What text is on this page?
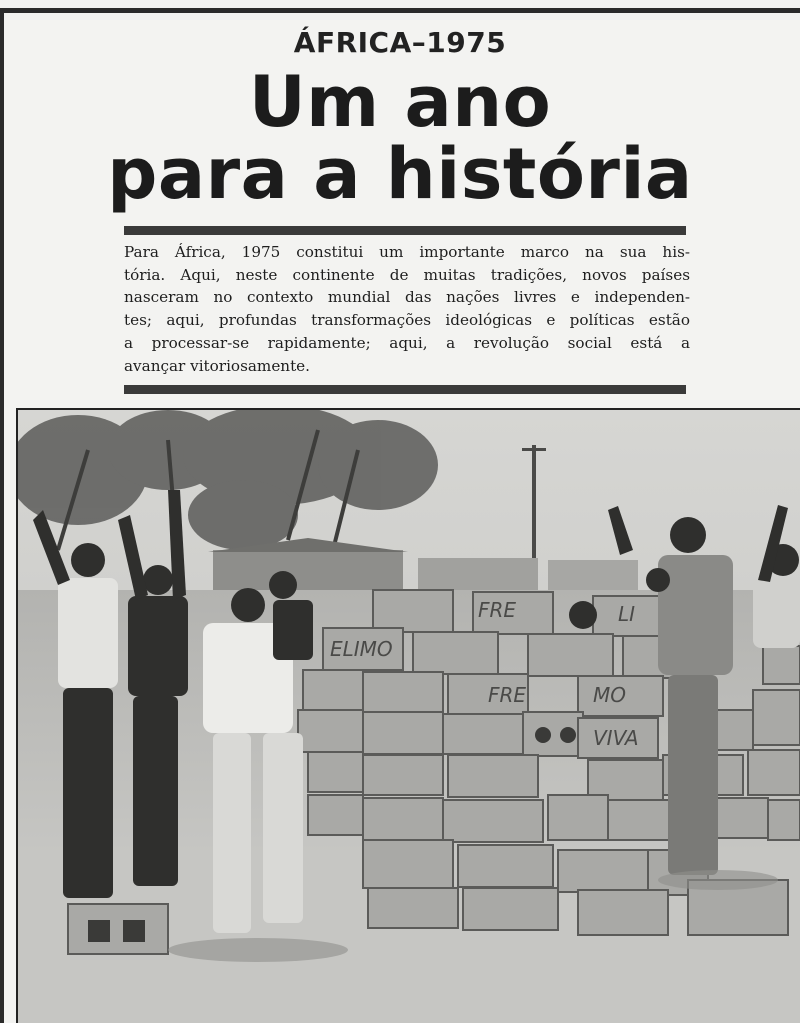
ÁFRICA–1975
Um ano
para a história

Para África, 1975 constitui um importante marco na sua his-
tória. Aqui, neste continente de muitas tradições, novos países
nasceram no contexto mundial das nações livres e independen-
tes; aqui, profundas transformações ideológicas e políticas estão
a processar-se rapidamente; aqui, a revolução social está a
avançar vitoriosamente.

FRE	LI
ELIMO
FRE	MO
VIVA
